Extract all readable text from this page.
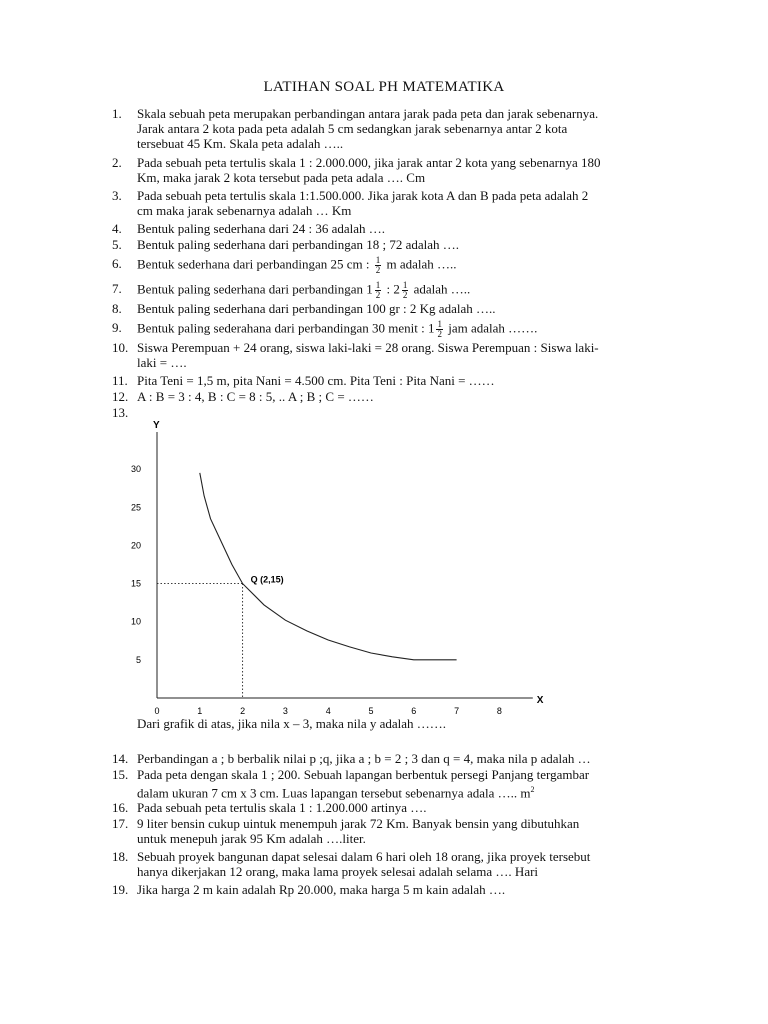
LATIHAN SOAL PH MATEMATIKA
1.	Skala sebuah peta merupakan perbandingan antara jarak pada peta dan jarak sebenarnya.
Jarak antara 2 kota pada peta adalah 5 cm sedangkan jarak sebenarnya antar 2 kota
tersebuat 45 Km. Skala peta adalah …..
2.	Pada sebuah peta tertulis skala 1 : 2.000.000, jika jarak antar 2 kota yang sebenarnya 180
Km, maka jarak 2 kota tersebut pada peta adala …. Cm
3.	Pada sebuah peta tertulis skala 1:1.500.000. Jika jarak kota A dan B pada peta adalah 2
cm maka jarak sebenarnya adalah … Km
4.	Bentuk paling sederhana dari 24 : 36 adalah ….
5.	Bentuk paling sederhana dari perbandingan 18 ; 72 adalah ….
6.	Bentuk sederhana dari perbandingan 25 cm : $\frac{1}{2}$ m adalah …..
7.	Bentuk paling sederhana dari perbandingan $1 \frac{1}{2}$ : $2 \frac{1}{2}$ adalah …..
8.	Bentuk paling sederhana dari perbandingan 100 gr : 2 Kg adalah …..
9.	Bentuk paling sederahana dari perbandingan 30 menit : $1 \frac{1}{2}$ jam adalah …….
10. Siswa Perempuan + 24 orang, siswa laki-laki = 28 orang. Siswa Perempuan : Siswa laki-
laki = ….
11. Pita Teni = 1,5 m, pita Nani = 4.500 cm. Pita Teni : Pita Nani = ……
12. A : B = 3 : 4, B : C = 8 : 5, .. A ; B ; C = ……
13.
X
Y
0	1	2	3	4	5	6	7	8
5
10
15
20
25
30
Q (2,15)
Dari grafik di atas, jika nila x – 3, maka nila y adalah …….
14. Perbandingan a ; b berbalik nilai p ;q, jika a ; b = 2 ; 3 dan q = 4, maka nila p adalah …
15. Pada peta dengan skala 1 ; 200. Sebuah lapangan berbentuk persegi Panjang tergambar
dalam ukuran 7 cm x 3 cm. Luas lapangan tersebut sebenarnya adala ….. $m^2$
16. Pada sebuah peta tertulis skala 1 : 1.200.000 artinya ….
17. 9 liter bensin cukup uintuk menempuh jarak 72 Km. Banyak bensin yang dibutuhkan
untuk menepuh jarak 95 Km adalah ….liter.
18. Sebuah proyek bangunan dapat selesai dalam 6 hari oleh 18 orang, jika proyek tersebut
hanya dikerjakan 12 orang, maka lama proyek selesai adalah selama …. Hari
19. Jika harga 2 m kain adalah Rp 20.000, maka harga 5 m kain adalah ….
